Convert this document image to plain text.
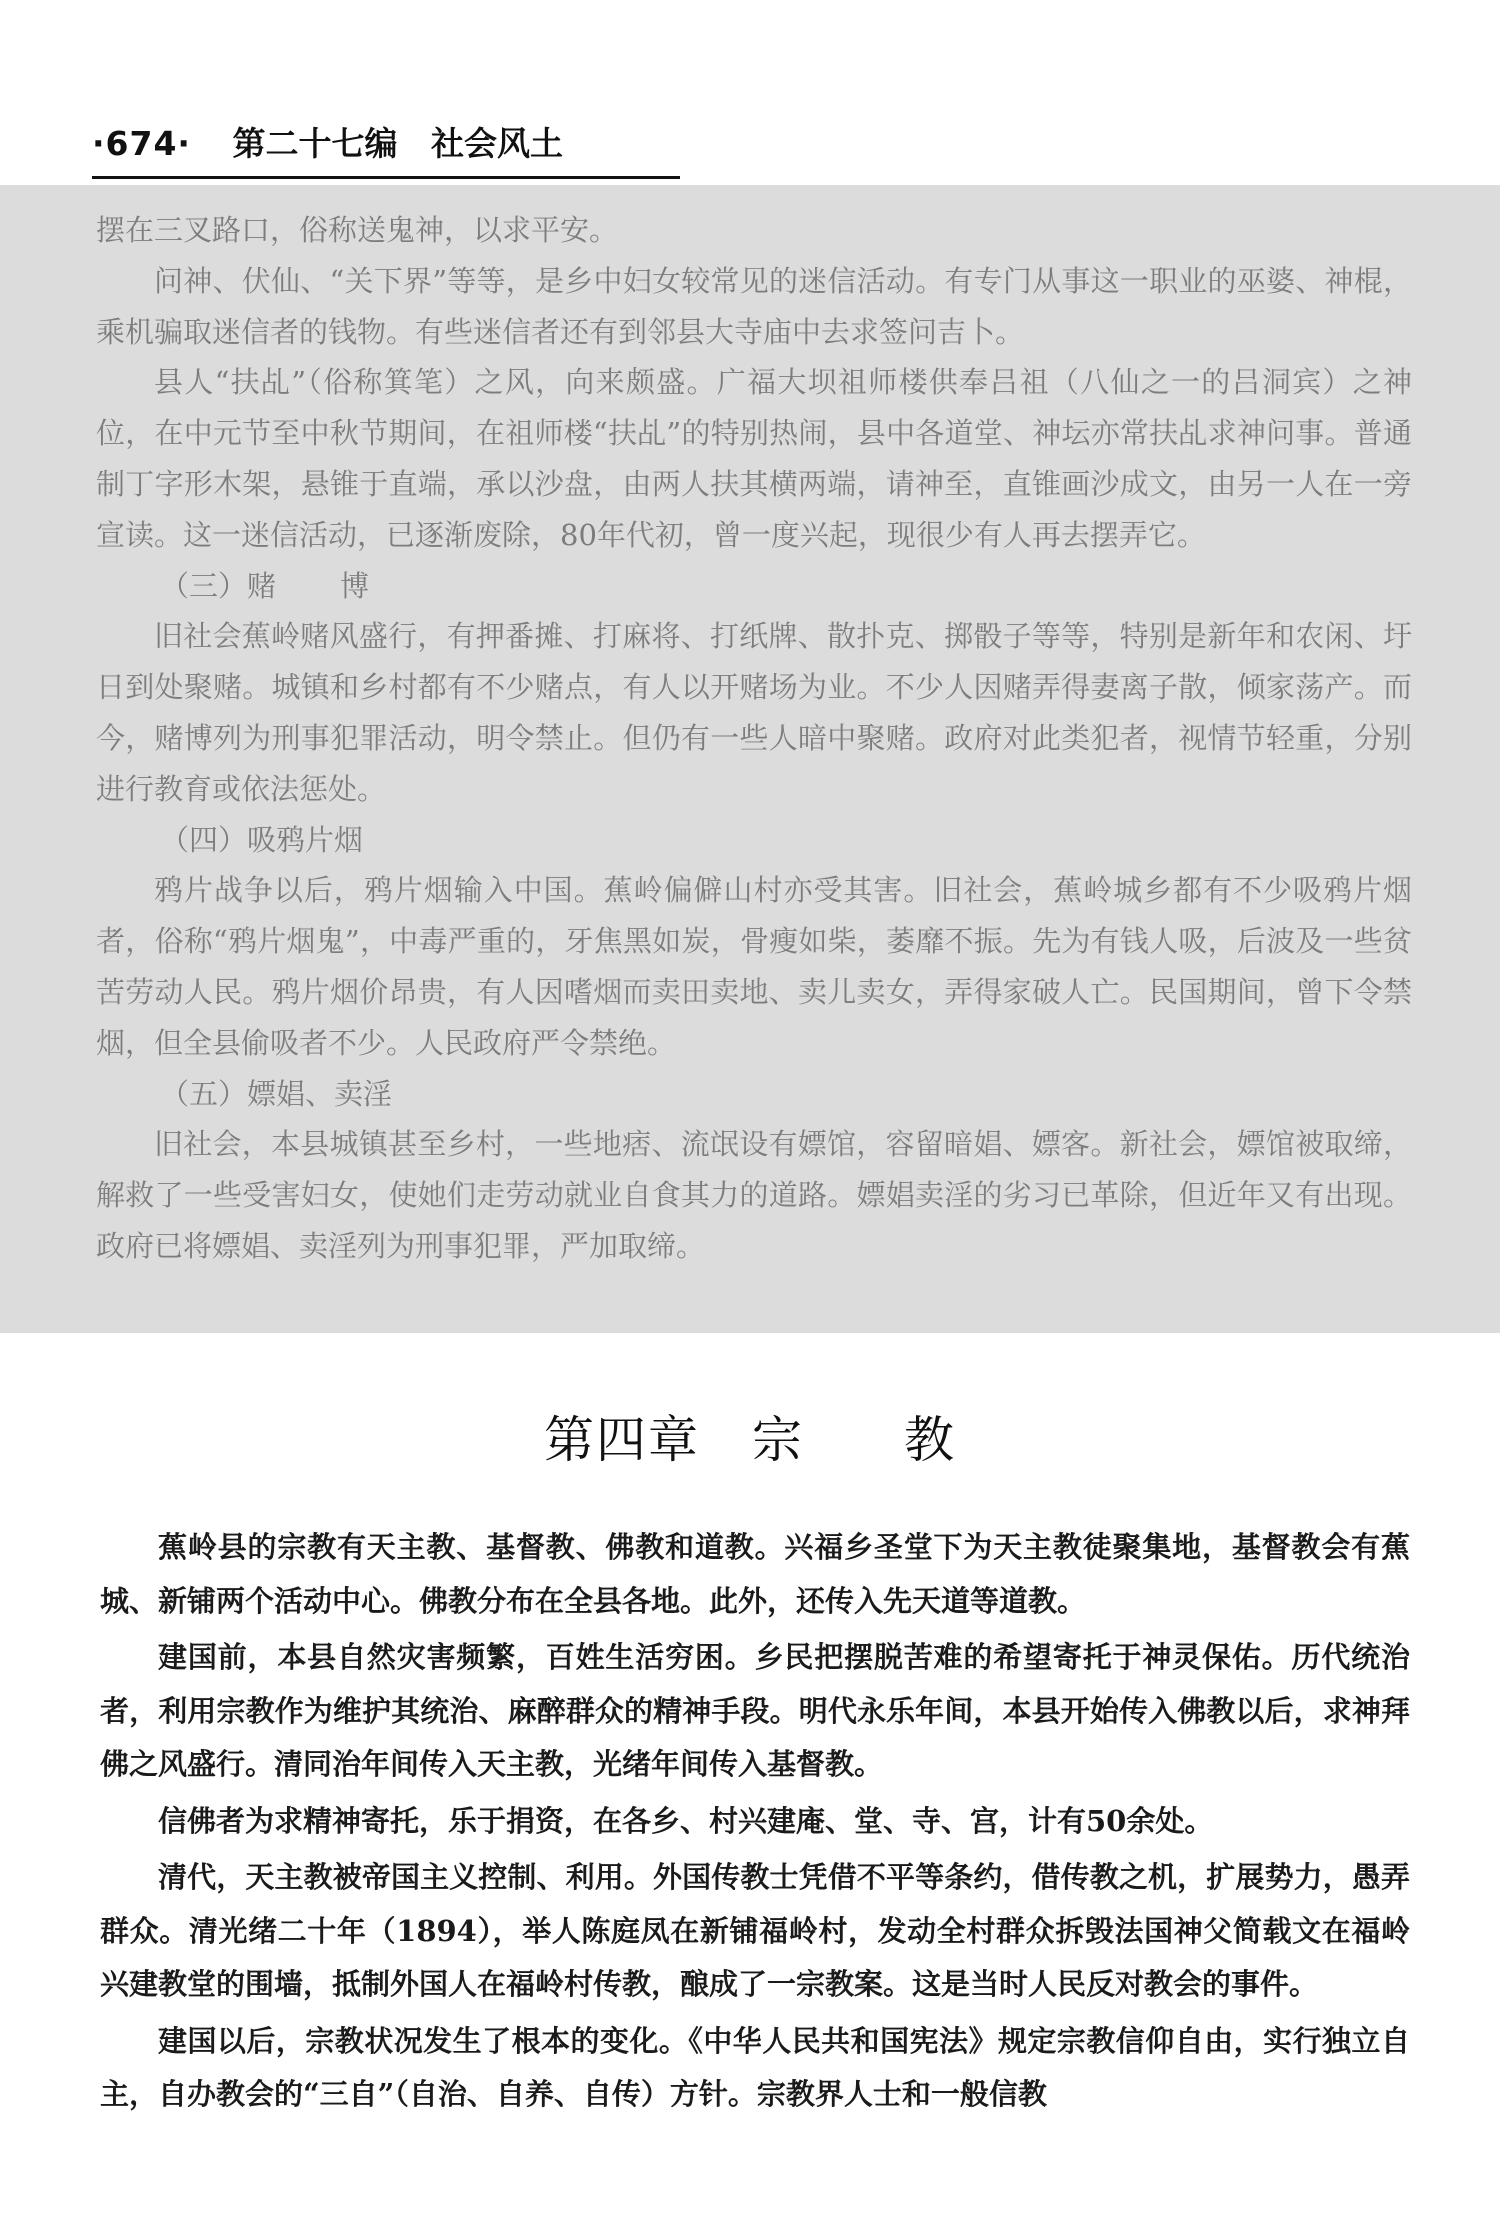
·674· 第二十七编 社会风土

摆在三叉路口，俗称送鬼神，以求平安。

问神、伏仙、“关下界”等等，是乡中妇女较常见的迷信活动。有专门从事这一职业的巫婆、神棍，乘机骗取迷信者的钱物。有些迷信者还有到邻县大寺庙中去求签问吉卜。

县人“扶乩”（俗称箕笔）之风，向来颇盛。广福大坝祖师楼供奉吕祖（八仙之一的吕洞宾）之神位，在中元节至中秋节期间，在祖师楼“扶乩”的特别热闹，县中各道堂、神坛亦常扶乩求神问事。普通制丁字形木架，悬锥于直端，承以沙盘，由两人扶其横两端，请神至，直锥画沙成文，由另一人在一旁宣读。这一迷信活动，已逐渐废除，80年代初，曾一度兴起，现很少有人再去摆弄它。

（三）赌 博

旧社会蕉岭赌风盛行，有押番摊、打麻将、打纸牌、散扑克、掷骰子等等，特别是新年和农闲、圩日到处聚赌。城镇和乡村都有不少赌点，有人以开赌场为业。不少人因赌弄得妻离子散，倾家荡产。而今，赌博列为刑事犯罪活动，明令禁止。但仍有一些人暗中聚赌。政府对此类犯者，视情节轻重，分别进行教育或依法惩处。

（四）吸鸦片烟

鸦片战争以后，鸦片烟输入中国。蕉岭偏僻山村亦受其害。旧社会，蕉岭城乡都有不少吸鸦片烟者，俗称“鸦片烟鬼”，中毒严重的，牙焦黑如炭，骨瘦如柴，萎靡不振。先为有钱人吸，后波及一些贫苦劳动人民。鸦片烟价昂贵，有人因嗜烟而卖田卖地、卖儿卖女，弄得家破人亡。民国期间，曾下令禁烟，但全县偷吸者不少。人民政府严令禁绝。

（五）嫖娼、卖淫

旧社会，本县城镇甚至乡村，一些地痞、流氓设有嫖馆，容留暗娼、嫖客。新社会，嫖馆被取缔，解救了一些受害妇女，使她们走劳动就业自食其力的道路。嫖娼卖淫的劣习已革除，但近年又有出现。政府已将嫖娼、卖淫列为刑事犯罪，严加取缔。

第四章 宗 教

蕉岭县的宗教有天主教、基督教、佛教和道教。兴福乡圣堂下为天主教徒聚集地，基督教会有蕉城、新铺两个活动中心。佛教分布在全县各地。此外，还传入先天道等道教。

建国前，本县自然灾害频繁，百姓生活穷困。乡民把摆脱苦难的希望寄托于神灵保佑。历代统治者，利用宗教作为维护其统治、麻醉群众的精神手段。明代永乐年间，本县开始传入佛教以后，求神拜佛之风盛行。清同治年间传入天主教，光绪年间传入基督教。

信佛者为求精神寄托，乐于捐资，在各乡、村兴建庵、堂、寺、宫，计有50余处。

清代，天主教被帝国主义控制、利用。外国传教士凭借不平等条约，借传教之机，扩展势力，愚弄群众。清光绪二十年（1894），举人陈庭凤在新铺福岭村，发动全村群众拆毁法国神父简载文在福岭兴建教堂的围墙，抵制外国人在福岭村传教，酿成了一宗教案。这是当时人民反对教会的事件。

建国以后，宗教状况发生了根本的变化。《中华人民共和国宪法》规定宗教信仰自由，实行独立自主，自办教会的“三自”（自治、自养、自传）方针。宗教界人士和一般信教
